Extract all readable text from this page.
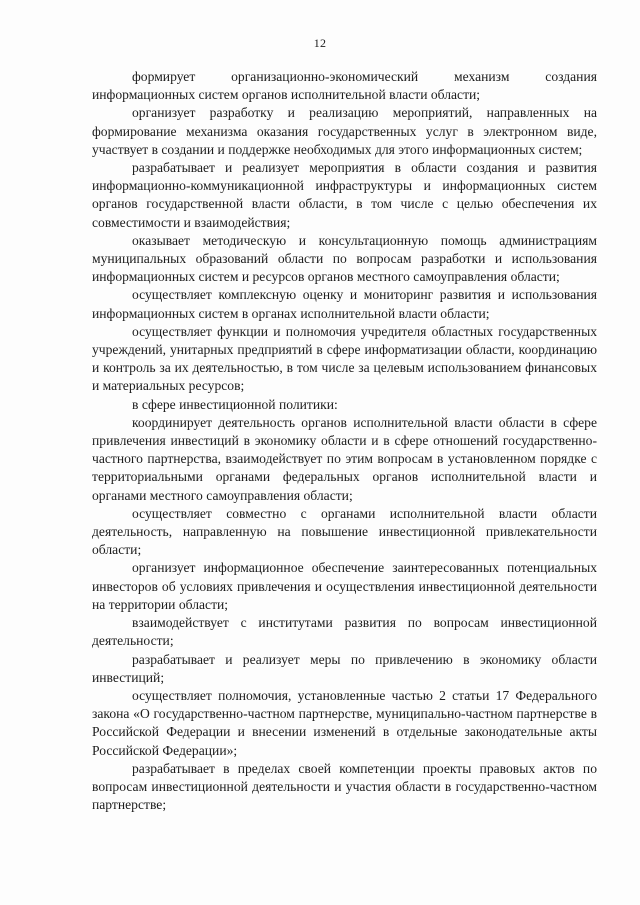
12

формирует организационно-экономический механизм создания информационных систем органов исполнительной власти области;

организует разработку и реализацию мероприятий, направленных на формирование механизма оказания государственных услуг в электронном виде, участвует в создании и поддержке необходимых для этого информационных систем;

разрабатывает и реализует мероприятия в области создания и развития информационно-коммуникационной инфраструктуры и информационных систем органов государственной власти области, в том числе с целью обеспечения их совместимости и взаимодействия;

оказывает методическую и консультационную помощь администрациям муниципальных образований области по вопросам разработки и использования информационных систем и ресурсов органов местного самоуправления области;

осуществляет комплексную оценку и мониторинг развития и использования информационных систем в органах исполнительной власти области;

осуществляет функции и полномочия учредителя областных государственных учреждений, унитарных предприятий в сфере информатизации области, координацию и контроль за их деятельностью, в том числе за целевым использованием финансовых и материальных ресурсов;

в сфере инвестиционной политики:

координирует деятельность органов исполнительной власти области в сфере привлечения инвестиций в экономику области и в сфере отношений государственно-частного партнерства, взаимодействует по этим вопросам в установленном порядке с территориальными органами федеральных органов исполнительной власти и органами местного самоуправления области;

осуществляет совместно с органами исполнительной власти области деятельность, направленную на повышение инвестиционной привлекательности области;

организует информационное обеспечение заинтересованных потенциальных инвесторов об условиях привлечения и осуществления инвестиционной деятельности на территории области;

взаимодействует с институтами развития по вопросам инвестиционной деятельности;

разрабатывает и реализует меры по привлечению в экономику области инвестиций;

осуществляет полномочия, установленные частью 2 статьи 17 Федерального закона «О государственно-частном партнерстве, муниципально-частном партнерстве в Российской Федерации и внесении изменений в отдельные законодательные акты Российской Федерации»;

разрабатывает в пределах своей компетенции проекты правовых актов по вопросам инвестиционной деятельности и участия области в государственно-частном партнерстве;
